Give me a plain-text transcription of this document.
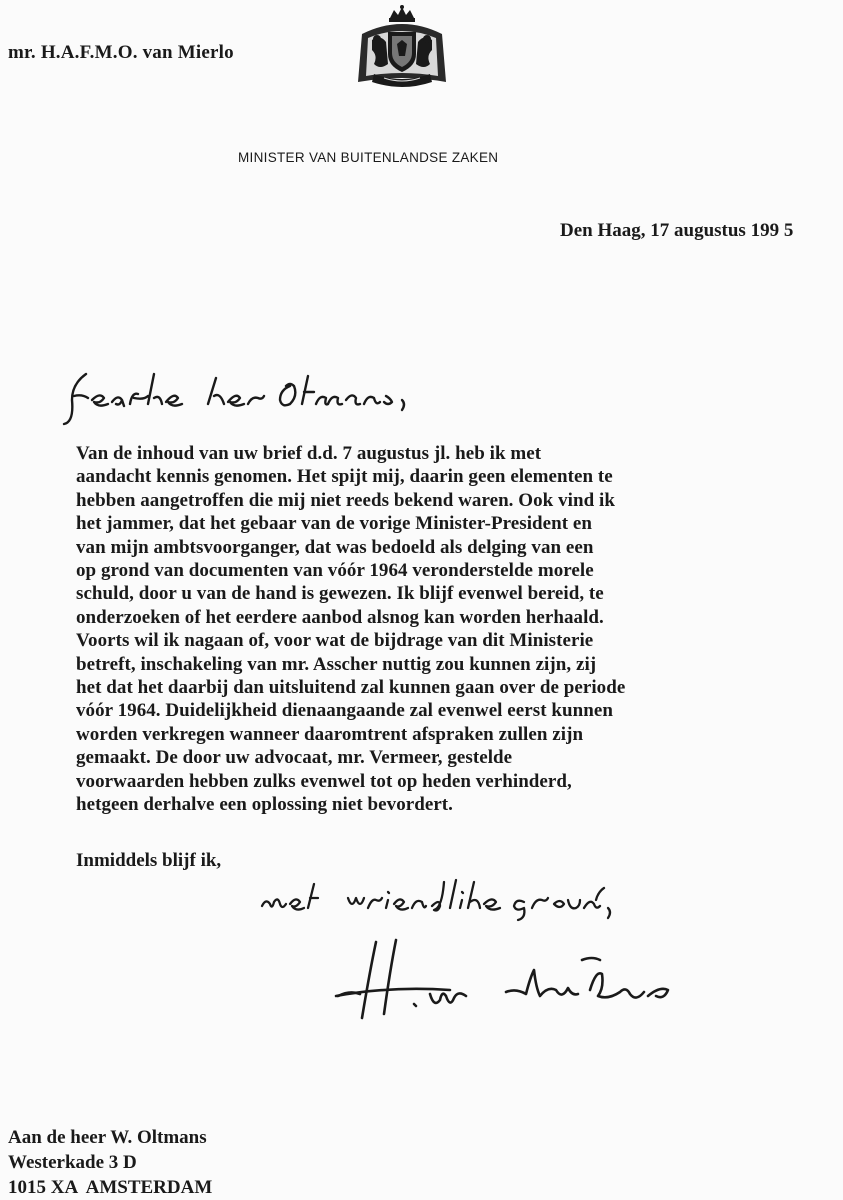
mr. H.A.F.M.O. van Mierlo
MINISTER VAN BUITENLANDSE ZAKEN
Den Haag, 17 augustus 199 5
Van de inhoud van uw brief d.d. 7 augustus jl. heb ik met
aandacht kennis genomen. Het spijt mij, daarin geen elementen te
hebben aangetroffen die mij niet reeds bekend waren. Ook vind ik
het jammer, dat het gebaar van de vorige Minister-President en
van mijn ambtsvoorganger, dat was bedoeld als delging van een
op grond van documenten van vóór 1964 veronderstelde morele
schuld, door u van de hand is gewezen. Ik blijf evenwel bereid, te
onderzoeken of het eerdere aanbod alsnog kan worden herhaald.
Voorts wil ik nagaan of, voor wat de bijdrage van dit Ministerie
betreft, inschakeling van mr. Asscher nuttig zou kunnen zijn, zij
het dat het daarbij dan uitsluitend zal kunnen gaan over de periode
vóór 1964. Duidelijkheid dienaangaande zal evenwel eerst kunnen
worden verkregen wanneer daaromtrent afspraken zullen zijn
gemaakt. De door uw advocaat, mr. Vermeer, gestelde
voorwaarden hebben zulks evenwel tot op heden verhinderd,
hetgeen derhalve een oplossing niet bevordert.
Inmiddels blijf ik,
Aan de heer W. Oltmans
Westerkade 3 D
1015 XA  AMSTERDAM
